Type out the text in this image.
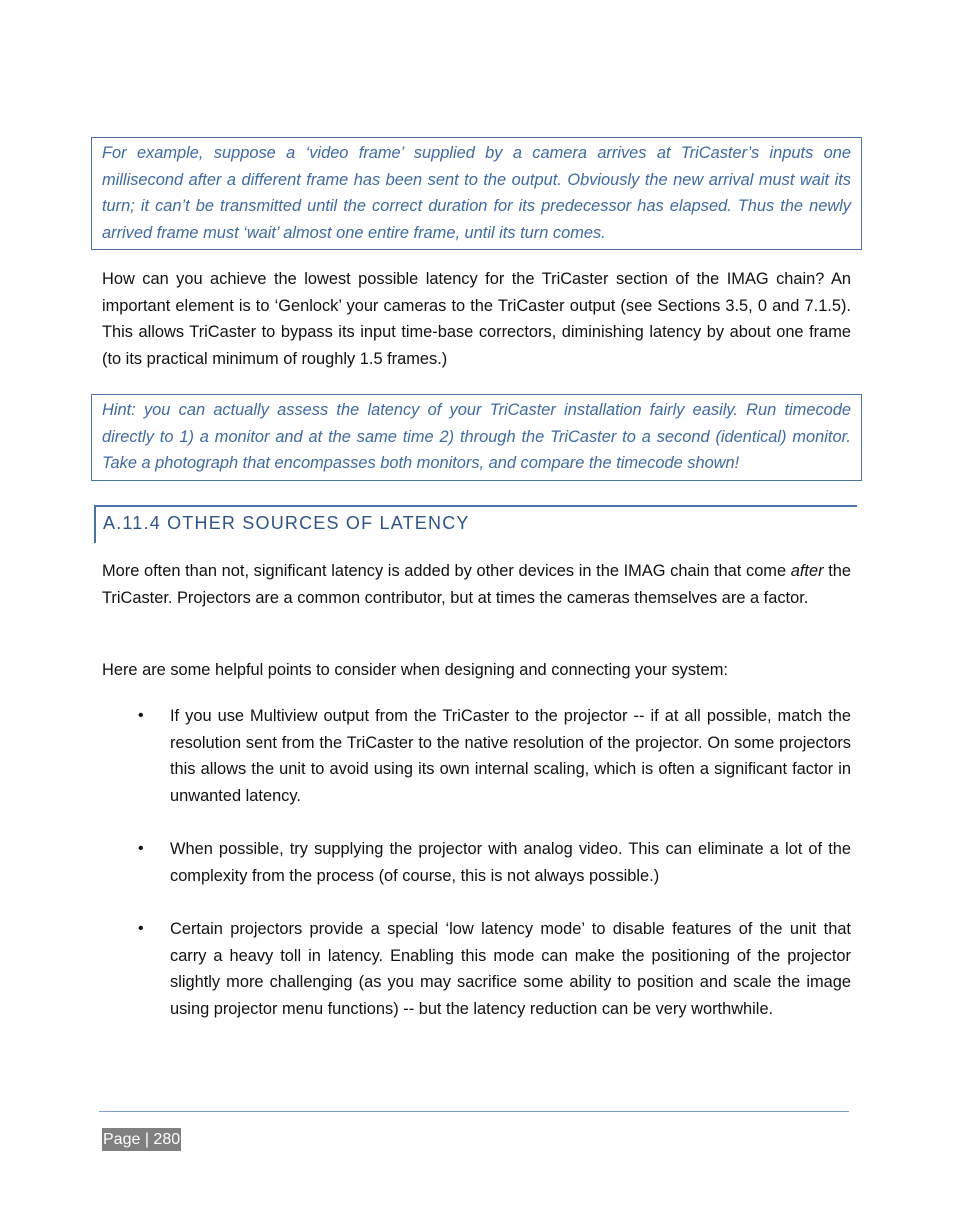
For example, suppose a ‘video frame’ supplied by a camera arrives at TriCaster’s inputs one millisecond after a different frame has been sent to the output. Obviously the new arrival must wait its turn; it can’t be transmitted until the correct duration for its predecessor has elapsed. Thus the newly arrived frame must ‘wait’ almost one entire frame, until its turn comes.
How can you achieve the lowest possible latency for the TriCaster section of the IMAG chain? An important element is to ‘Genlock’ your cameras to the TriCaster output (see Sections 3.5, 0 and 7.1.5). This allows TriCaster to bypass its input time-base correctors, diminishing latency by about one frame (to its practical minimum of roughly 1.5 frames.)
Hint: you can actually assess the latency of your TriCaster installation fairly easily. Run timecode directly to 1) a monitor and at the same time 2) through the TriCaster to a second (identical) monitor. Take a photograph that encompasses both monitors, and compare the timecode shown!
A.11.4 OTHER SOURCES OF LATENCY
More often than not, significant latency is added by other devices in the IMAG chain that come after the TriCaster. Projectors are a common contributor, but at times the cameras themselves are a factor.
Here are some helpful points to consider when designing and connecting your system:
• If you use Multiview output from the TriCaster to the projector -- if at all possible, match the resolution sent from the TriCaster to the native resolution of the projector. On some projectors this allows the unit to avoid using its own internal scaling, which is often a significant factor in unwanted latency.
• When possible, try supplying the projector with analog video. This can eliminate a lot of the complexity from the process (of course, this is not always possible.)
• Certain projectors provide a special ‘low latency mode’ to disable features of the unit that carry a heavy toll in latency. Enabling this mode can make the positioning of the projector slightly more challenging (as you may sacrifice some ability to position and scale the image using projector menu functions) -- but the latency reduction can be very worthwhile.
Page | 280
